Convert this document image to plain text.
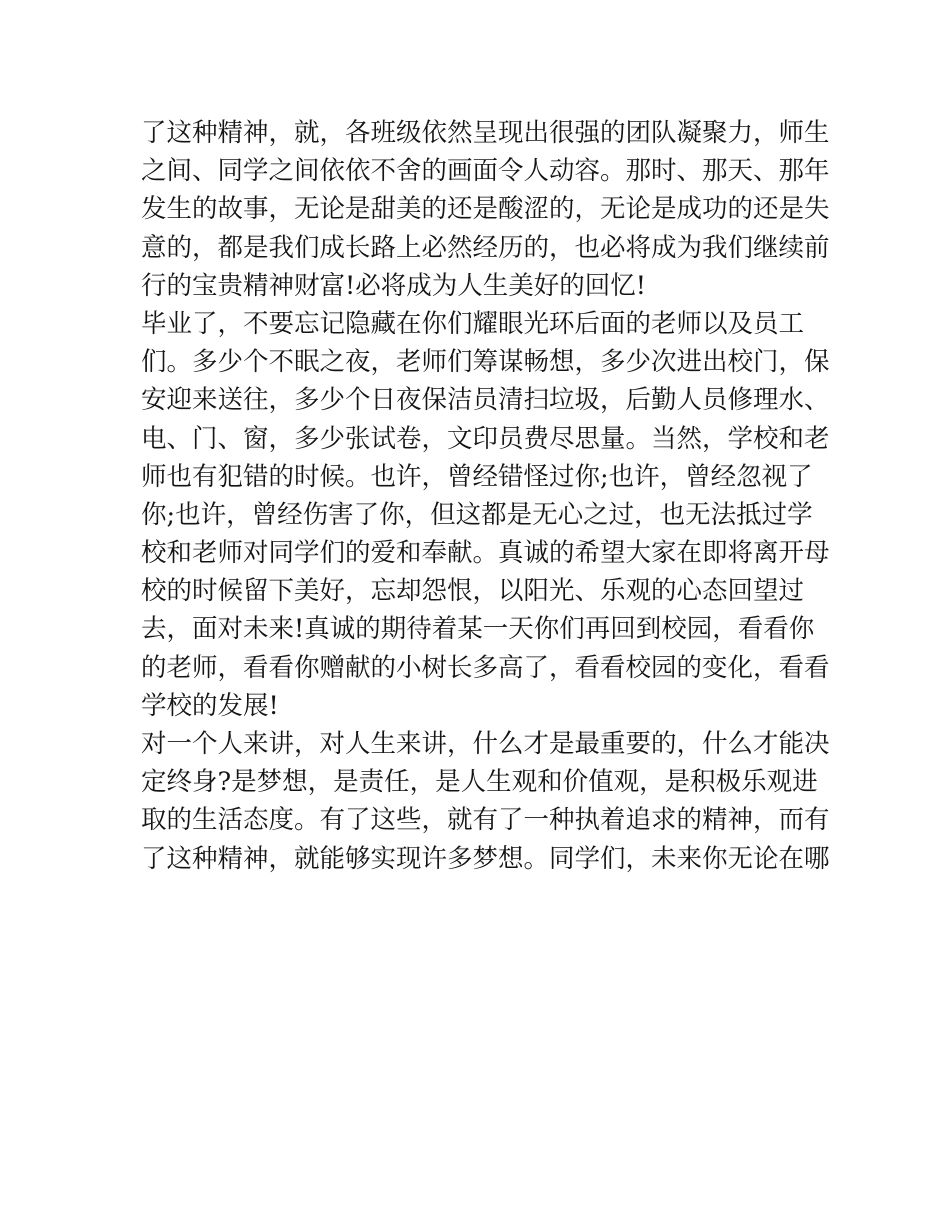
了这种精神，就，各班级依然呈现出很强的团队凝聚力，师生
之间、同学之间依依不舍的画面令人动容。那时、那天、那年
发生的故事，无论是甜美的还是酸涩的，无论是成功的还是失
意的，都是我们成长路上必然经历的，也必将成为我们继续前
行的宝贵精神财富!必将成为人生美好的回忆!
毕业了，不要忘记隐藏在你们耀眼光环后面的老师以及员工
们。多少个不眠之夜，老师们筹谋畅想，多少次进出校门，保
安迎来送往，多少个日夜保洁员清扫垃圾，后勤人员修理水、
电、门、窗，多少张试卷，文印员费尽思量。当然，学校和老
师也有犯错的时候。也许，曾经错怪过你;也许，曾经忽视了
你;也许，曾经伤害了你，但这都是无心之过，也无法抵过学
校和老师对同学们的爱和奉献。真诚的希望大家在即将离开母
校的时候留下美好，忘却怨恨，以阳光、乐观的心态回望过
去，面对未来!真诚的期待着某一天你们再回到校园，看看你
的老师，看看你赠献的小树长多高了，看看校园的变化，看看
学校的发展!
对一个人来讲，对人生来讲，什么才是最重要的，什么才能决
定终身?是梦想，是责任，是人生观和价值观，是积极乐观进
取的生活态度。有了这些，就有了一种执着追求的精神，而有
了这种精神，就能够实现许多梦想。同学们，未来你无论在哪
